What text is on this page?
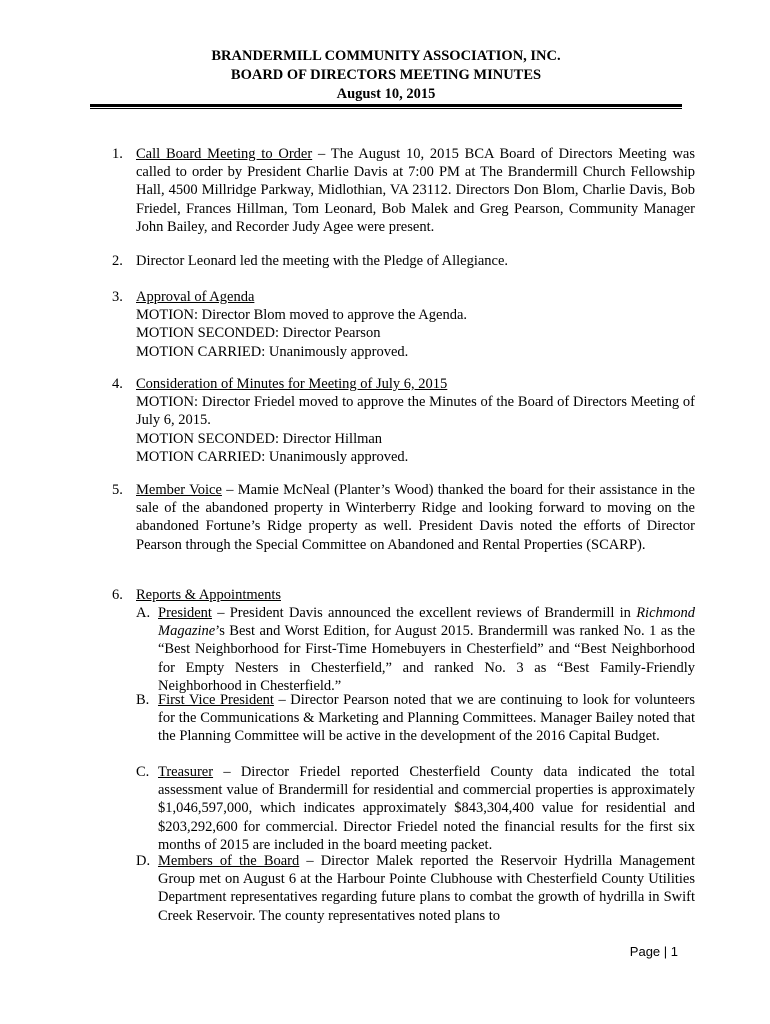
BRANDERMILL COMMUNITY ASSOCIATION, INC.
BOARD OF DIRECTORS MEETING MINUTES
August 10, 2015
1. Call Board Meeting to Order – The August 10, 2015 BCA Board of Directors Meeting was called to order by President Charlie Davis at 7:00 PM at The Brandermill Church Fellowship Hall, 4500 Millridge Parkway, Midlothian, VA 23112. Directors Don Blom, Charlie Davis, Bob Friedel, Frances Hillman, Tom Leonard, Bob Malek and Greg Pearson, Community Manager John Bailey, and Recorder Judy Agee were present.
2. Director Leonard led the meeting with the Pledge of Allegiance.
3. Approval of Agenda
MOTION: Director Blom moved to approve the Agenda.
MOTION SECONDED: Director Pearson
MOTION CARRIED: Unanimously approved.
4. Consideration of Minutes for Meeting of July 6, 2015
MOTION: Director Friedel moved to approve the Minutes of the Board of Directors Meeting of July 6, 2015.
MOTION SECONDED: Director Hillman
MOTION CARRIED: Unanimously approved.
5. Member Voice – Mamie McNeal (Planter’s Wood) thanked the board for their assistance in the sale of the abandoned property in Winterberry Ridge and looking forward to moving on the abandoned Fortune’s Ridge property as well. President Davis noted the efforts of Director Pearson through the Special Committee on Abandoned and Rental Properties (SCARP).
6. Reports & Appointments
A. President – President Davis announced the excellent reviews of Brandermill in Richmond Magazine’s Best and Worst Edition, for August 2015. Brandermill was ranked No. 1 as the “Best Neighborhood for First-Time Homebuyers in Chesterfield” and “Best Neighborhood for Empty Nesters in Chesterfield,” and ranked No. 3 as “Best Family-Friendly Neighborhood in Chesterfield.”
B. First Vice President – Director Pearson noted that we are continuing to look for volunteers for the Communications & Marketing and Planning Committees. Manager Bailey noted that the Planning Committee will be active in the development of the 2016 Capital Budget.
C. Treasurer – Director Friedel reported Chesterfield County data indicated the total assessment value of Brandermill for residential and commercial properties is approximately $1,046,597,000, which indicates approximately $843,304,400 value for residential and $203,292,600 for commercial. Director Friedel noted the financial results for the first six months of 2015 are included in the board meeting packet.
D. Members of the Board – Director Malek reported the Reservoir Hydrilla Management Group met on August 6 at the Harbour Pointe Clubhouse with Chesterfield County Utilities Department representatives regarding future plans to combat the growth of hydrilla in Swift Creek Reservoir. The county representatives noted plans to
Page | 1
